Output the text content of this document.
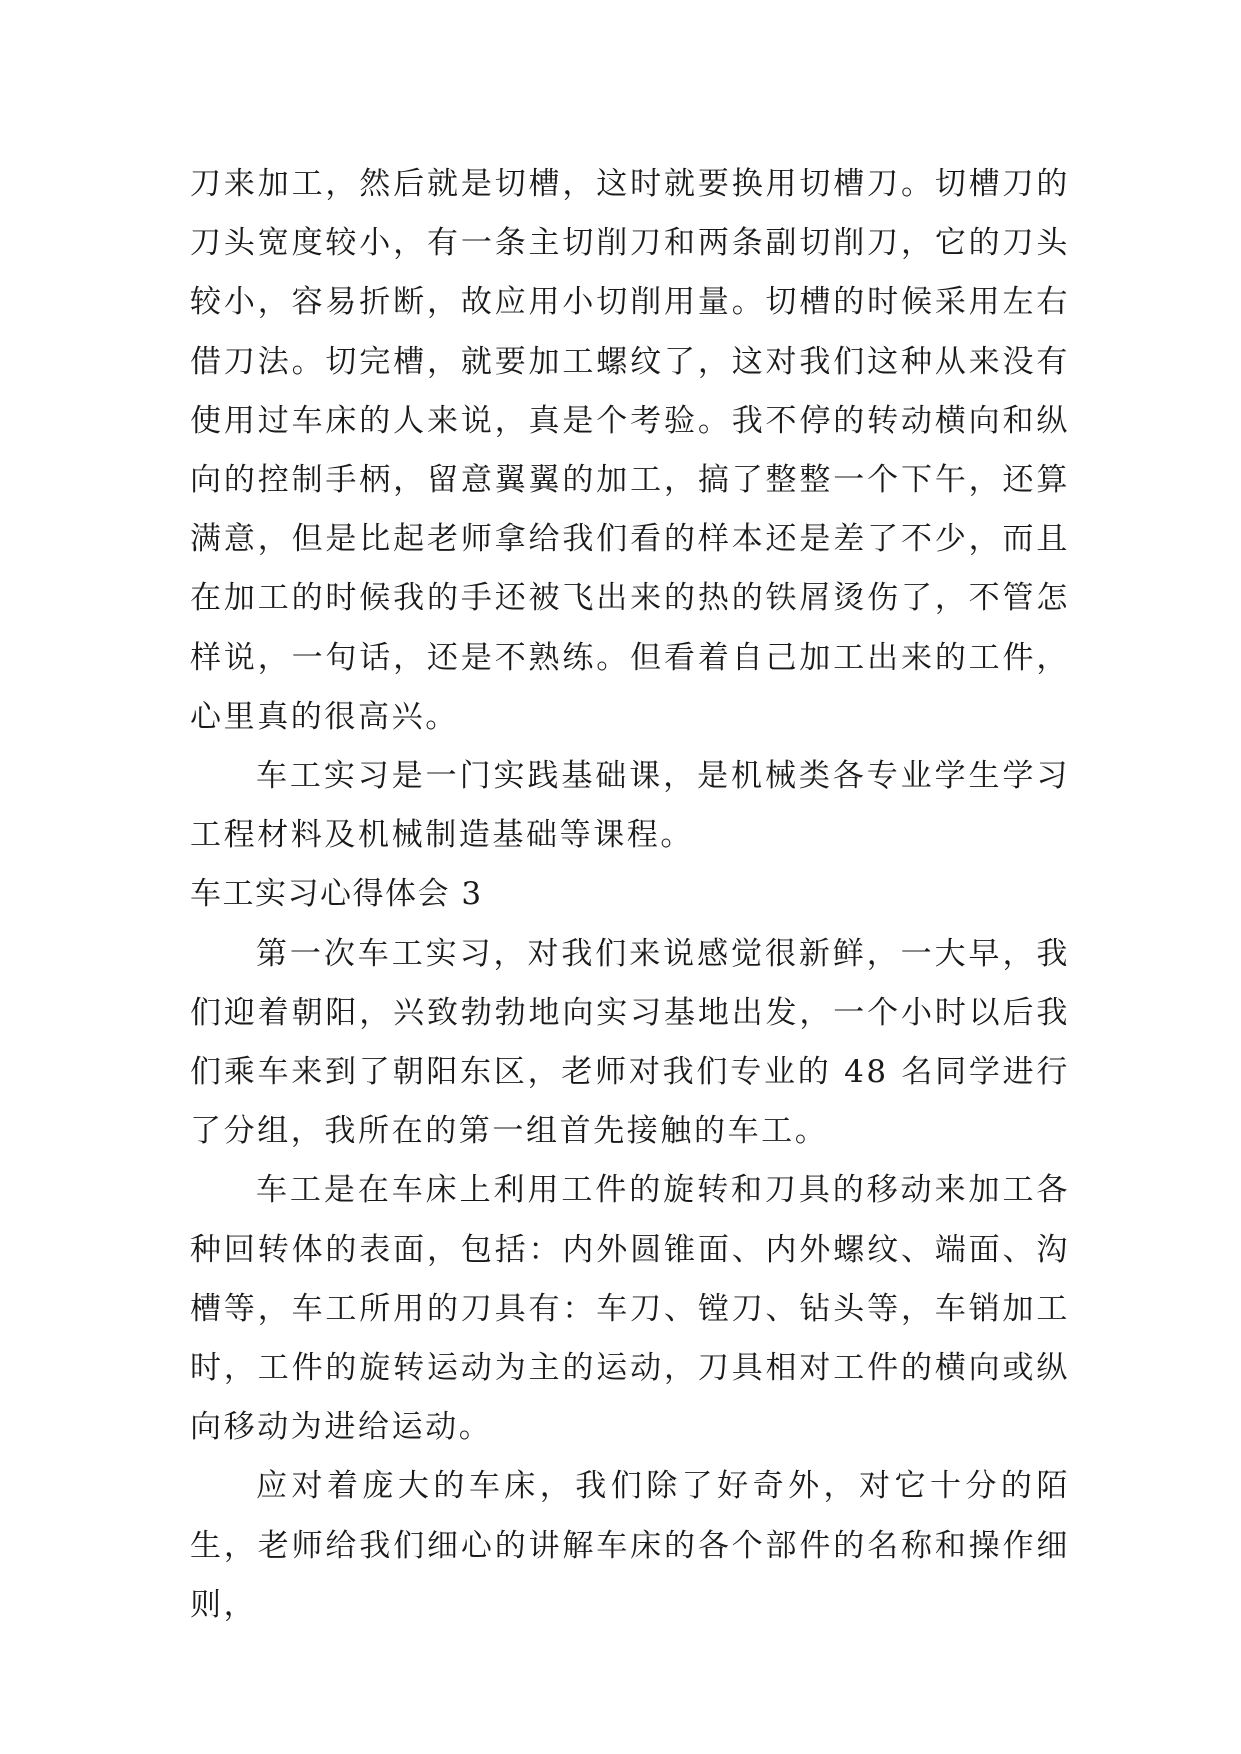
刀来加工，然后就是切槽，这时就要换用切槽刀。切槽刀的刀头宽度较小，有一条主切削刀和两条副切削刀，它的刀头较小，容易折断，故应用小切削用量。切槽的时候采用左右借刀法。切完槽，就要加工螺纹了，这对我们这种从来没有使用过车床的人来说，真是个考验。我不停的转动横向和纵向的控制手柄，留意翼翼的加工，搞了整整一个下午，还算满意，但是比起老师拿给我们看的样本还是差了不少，而且在加工的时候我的手还被飞出来的热的铁屑烫伤了，不管怎样说，一句话，还是不熟练。但看着自己加工出来的工件，心里真的很高兴。

车工实习是一门实践基础课，是机械类各专业学生学习工程材料及机械制造基础等课程。

车工实习心得体会 3

第一次车工实习，对我们来说感觉很新鲜，一大早，我们迎着朝阳，兴致勃勃地向实习基地出发，一个小时以后我们乘车来到了朝阳东区，老师对我们专业的 48 名同学进行了分组，我所在的第一组首先接触的车工。

车工是在车床上利用工件的旋转和刀具的移动来加工各种回转体的表面，包括：内外圆锥面、内外螺纹、端面、沟槽等，车工所用的刀具有：车刀、镗刀、钻头等，车销加工时，工件的旋转运动为主的运动，刀具相对工件的横向或纵向移动为进给运动。

应对着庞大的车床，我们除了好奇外，对它十分的陌生，老师给我们细心的讲解车床的各个部件的名称和操作细则，
